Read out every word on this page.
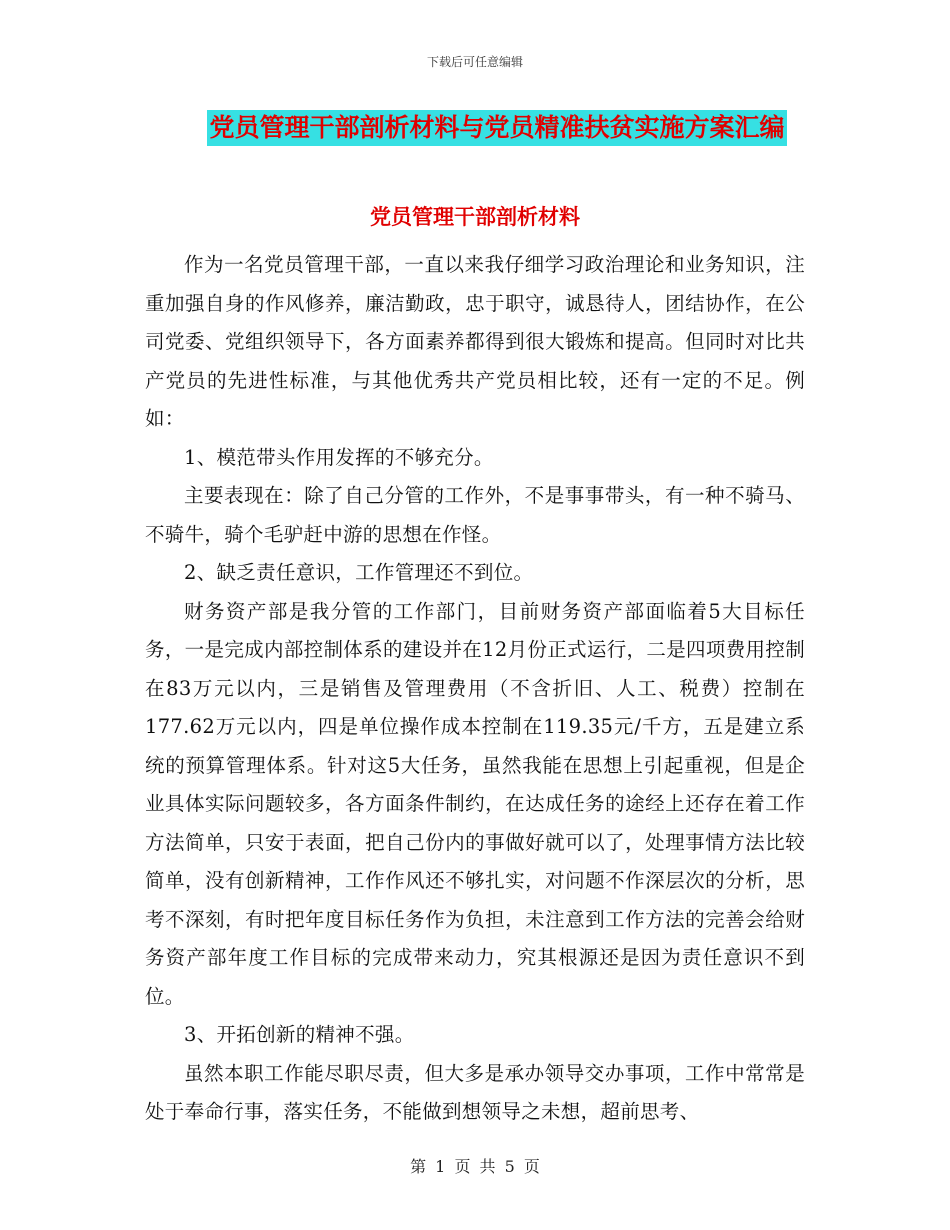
下载后可任意编辑
党员管理干部剖析材料与党员精准扶贫实施方案汇编
党员管理干部剖析材料

作为一名党员管理干部，一直以来我仔细学习政治理论和业务知识，注重加强自身的作风修养，廉洁勤政，忠于职守，诚恳待人，团结协作，在公司党委、党组织领导下，各方面素养都得到很大锻炼和提高。但同时对比共产党员的先进性标准，与其他优秀共产党员相比较，还有一定的不足。例如：

1、模范带头作用发挥的不够充分。

主要表现在：除了自己分管的工作外，不是事事带头，有一种不骑马、不骑牛，骑个毛驴赶中游的思想在作怪。

2、缺乏责任意识，工作管理还不到位。

财务资产部是我分管的工作部门，目前财务资产部面临着5大目标任务，一是完成内部控制体系的建设并在12月份正式运行，二是四项费用控制在83万元以内，三是销售及管理费用（不含折旧、人工、税费）控制在177.62万元以内，四是单位操作成本控制在119.35元/千方，五是建立系统的预算管理体系。针对这5大任务，虽然我能在思想上引起重视，但是企业具体实际问题较多，各方面条件制约，在达成任务的途经上还存在着工作方法简单，只安于表面，把自己份内的事做好就可以了，处理事情方法比较简单，没有创新精神，工作作风还不够扎实，对问题不作深层次的分析，思考不深刻，有时把年度目标任务作为负担，未注意到工作方法的完善会给财务资产部年度工作目标的完成带来动力，究其根源还是因为责任意识不到位。

3、开拓创新的精神不强。

虽然本职工作能尽职尽责，但大多是承办领导交办事项，工作中常常是处于奉命行事，落实任务，不能做到想领导之未想，超前思考、

第 1 页 共 5 页
